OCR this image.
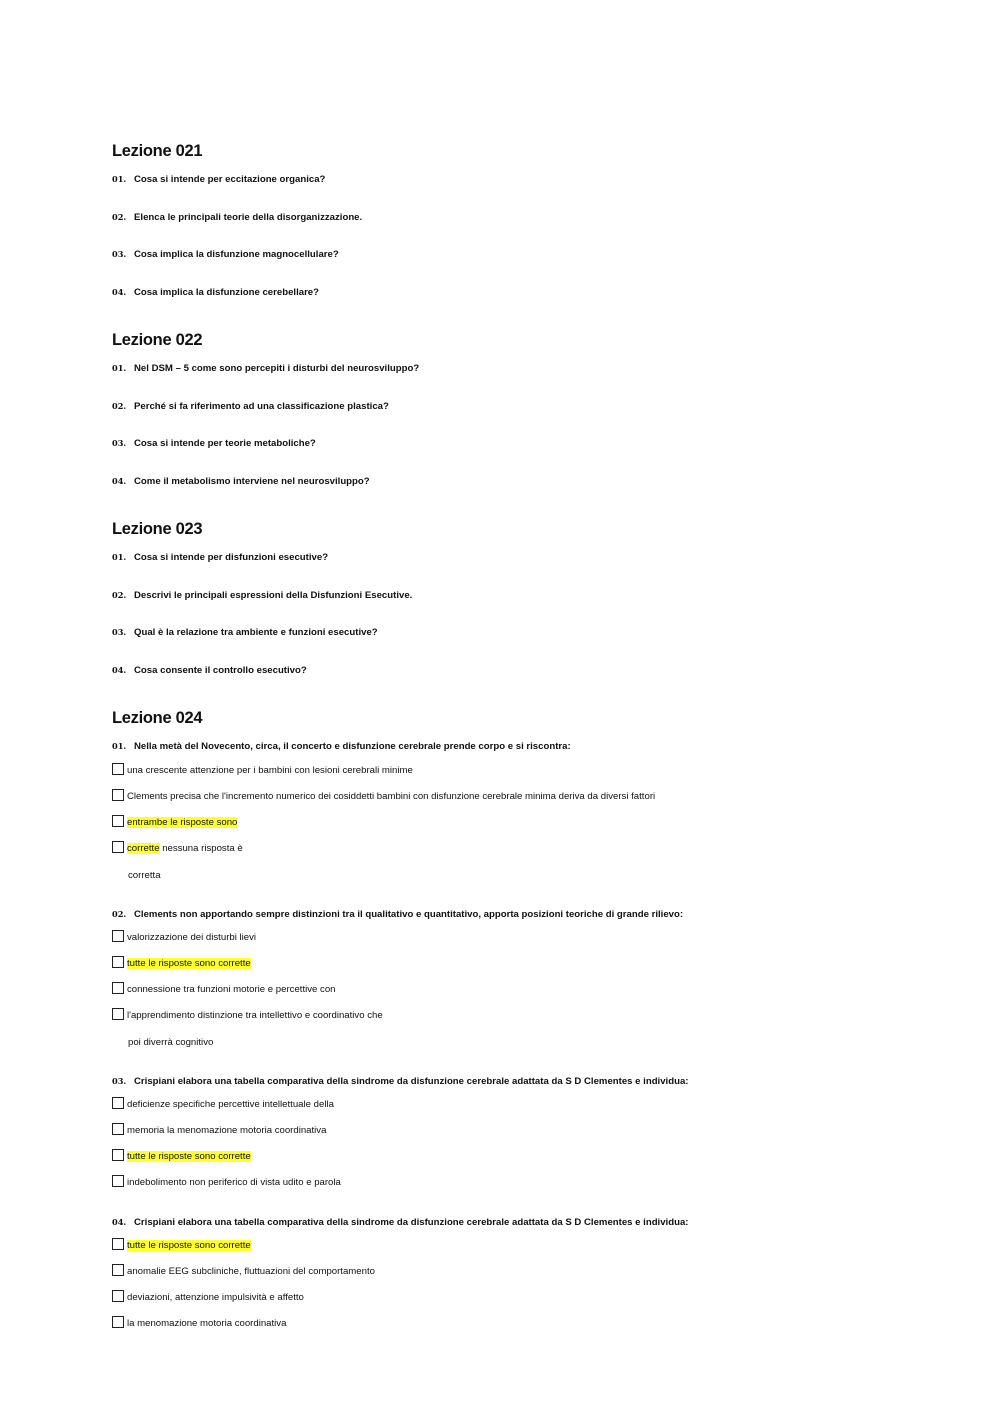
Lezione 021
01. Cosa si intende per eccitazione organica?
02. Elenca le principali teorie della disorganizzazione.
03. Cosa implica la disfunzione magnocellulare?
04. Cosa implica la disfunzione cerebellare?
Lezione 022
01. Nel DSM – 5 come sono percepiti i disturbi del neurosviluppo?
02. Perché si fa riferimento ad una classificazione plastica?
03. Cosa si intende per teorie metaboliche?
04. Come il metabolismo interviene nel neurosviluppo?
Lezione 023
01. Cosa si intende per disfunzioni esecutive?
02. Descrivi le principali espressioni della Disfunzioni Esecutive.
03. Qual è la relazione tra ambiente e funzioni esecutive?
04. Cosa consente il controllo esecutivo?
Lezione 024
01. Nella metà del Novecento, circa, il concerto e disfunzione cerebrale prende corpo e si riscontra:
una crescente attenzione per i bambini con lesioni cerebrali minime
Clements precisa che l'incremento numerico dei cosiddetti bambini con disfunzione cerebrale minima deriva da diversi fattori
entrambe le risposte sono
corrette nessuna risposta è
corretta
02. Clements non apportando sempre distinzioni tra il qualitativo e quantitativo, apporta posizioni teoriche di grande rilievo:
valorizzazione dei disturbi lievi
tutte le risposte sono corrette
connessione tra funzioni motorie e percettive con
l'apprendimento distinzione tra intellettivo e coordinativo che
poi diverrà cognitivo
03. Crispiani elabora una tabella comparativa della sindrome da disfunzione cerebrale adattata da S D Clementes e individua:
deficienze specifiche percettive intellettuale della
memoria la menomazione motoria coordinativa
tutte le risposte sono corrette
indebolimento non periferico di vista udito e parola
04. Crispiani elabora una tabella comparativa della sindrome da disfunzione cerebrale adattata da S D Clementes e individua:
tutte le risposte sono corrette
anomalie EEG subcliniche, fluttuazioni del comportamento
deviazioni, attenzione impulsività e affetto
la menomazione motoria coordinativa
